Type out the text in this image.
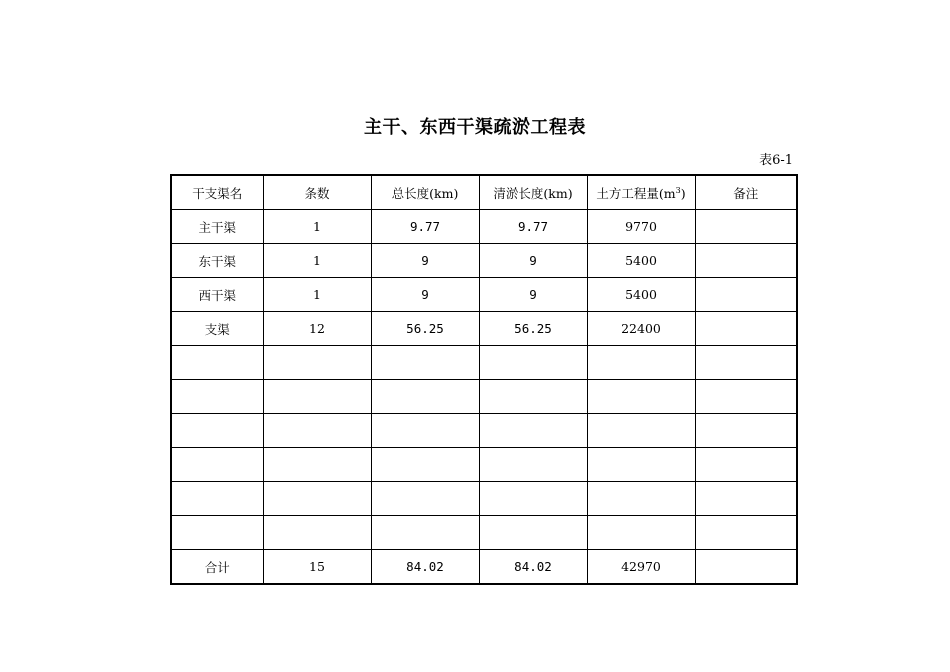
主干、东西干渠疏淤工程表
表6-1
干支渠名	条数	总长度(km)	清淤长度(km)	土方工程量$(m^3)$	备注
主干渠	1	9.77	9.77	9770	
东干渠	1	9	9	5400	
西干渠	1	9	9	5400	
支渠	12	56.25	56.25	22400	

合计	15	84.02	84.02	42970	
